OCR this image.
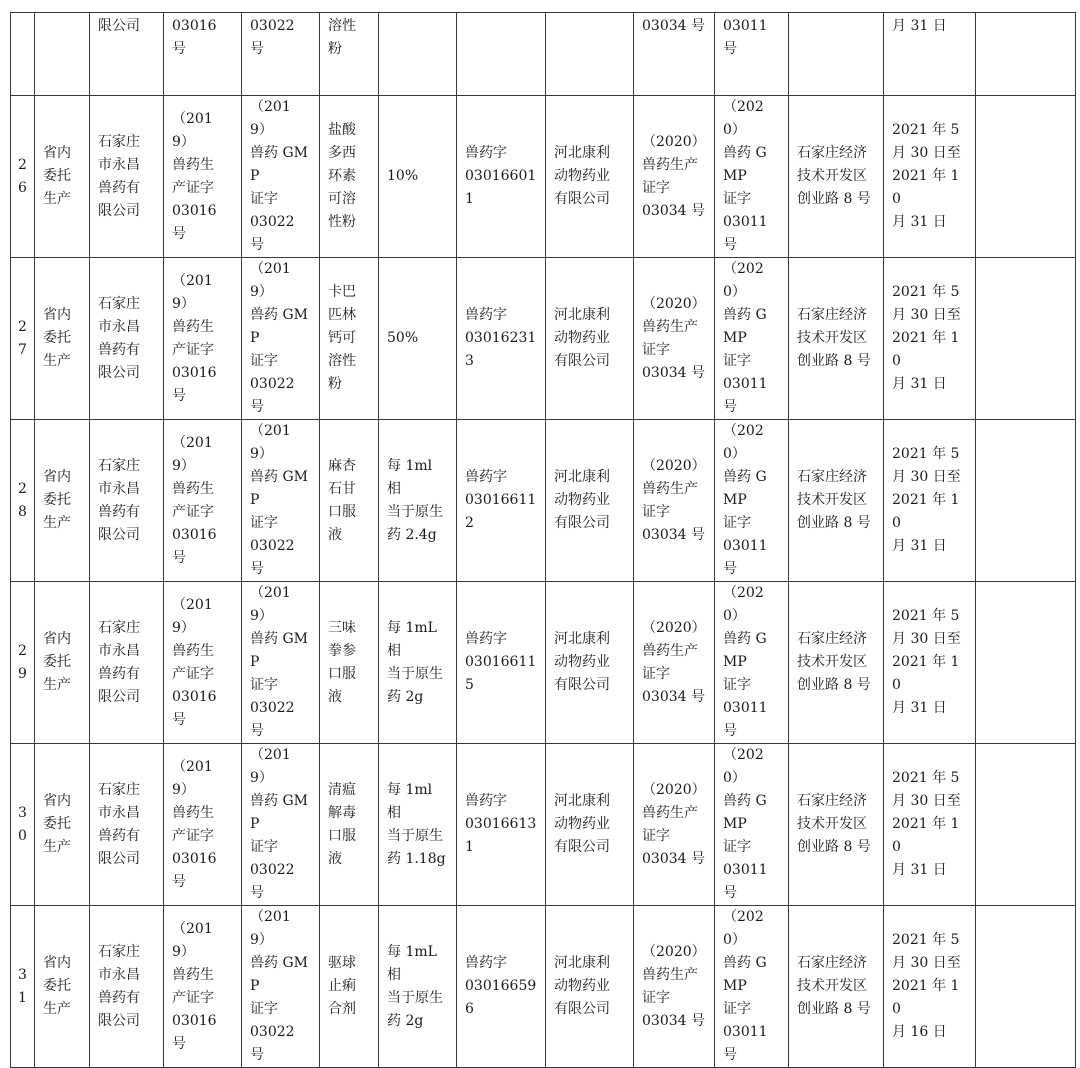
		限公司	03016 号	03022 号	溶性
粉				03034 号	03011 号		月 31 日	
2
6	省内
委托
生产	石家庄
市永昌
兽药有
限公司	（2019）
兽药生
产证字
03016 号	（2019）
兽药 GMP
证字
03022 号	盐酸
多西
环素
可溶
性粉	10%	兽药字
030166011	河北康利
动物药业
有限公司	（2020）
兽药生产
证字
03034 号	（2020）
兽药 GMP
证字
03011 号	石家庄经济
技术开发区
创业路 8 号	2021 年 5
月 30 日至
2021 年 10
月 31 日	
2
7	省内
委托
生产	石家庄
市永昌
兽药有
限公司	（2019）
兽药生
产证字
03016 号	（2019）
兽药 GMP
证字
03022 号	卡巴
匹林
钙可
溶性
粉	50%	兽药字
030162313	河北康利
动物药业
有限公司	（2020）
兽药生产
证字
03034 号	（2020）
兽药 GMP
证字
03011 号	石家庄经济
技术开发区
创业路 8 号	2021 年 5
月 30 日至
2021 年 10
月 31 日	
2
8	省内
委托
生产	石家庄
市永昌
兽药有
限公司	（2019）
兽药生
产证字
03016 号	（2019）
兽药 GMP
证字
03022 号	麻杏
石甘
口服
液	每 1ml 相
当于原生
药 2.4g	兽药字
030166112	河北康利
动物药业
有限公司	（2020）
兽药生产
证字
03034 号	（2020）
兽药 GMP
证字
03011 号	石家庄经济
技术开发区
创业路 8 号	2021 年 5
月 30 日至
2021 年 10
月 31 日	
2
9	省内
委托
生产	石家庄
市永昌
兽药有
限公司	（2019）
兽药生
产证字
03016 号	（2019）
兽药 GMP
证字
03022 号	三味
拳参
口服
液	每 1mL 相
当于原生
药 2g	兽药字
030166115	河北康利
动物药业
有限公司	（2020）
兽药生产
证字
03034 号	（2020）
兽药 GMP
证字
03011 号	石家庄经济
技术开发区
创业路 8 号	2021 年 5
月 30 日至
2021 年 10
月 31 日	
3
0	省内
委托
生产	石家庄
市永昌
兽药有
限公司	（2019）
兽药生
产证字
03016 号	（2019）
兽药 GMP
证字
03022 号	清瘟
解毒
口服
液	每 1ml 相
当于原生
药 1.18g	兽药字
030166131	河北康利
动物药业
有限公司	（2020）
兽药生产
证字
03034 号	（2020）
兽药 GMP
证字
03011 号	石家庄经济
技术开发区
创业路 8 号	2021 年 5
月 30 日至
2021 年 10
月 31 日	
3
1	省内
委托
生产	石家庄
市永昌
兽药有
限公司	（2019）
兽药生
产证字
03016 号	（2019）
兽药 GMP
证字
03022 号	驱球
止痢
合剂	每 1mL 相
当于原生
药 2g	兽药字
030166596	河北康利
动物药业
有限公司	（2020）
兽药生产
证字
03034 号	（2020）
兽药 GMP
证字
03011 号	石家庄经济
技术开发区
创业路 8 号	2021 年 5
月 30 日至
2021 年 10
月 16 日	
